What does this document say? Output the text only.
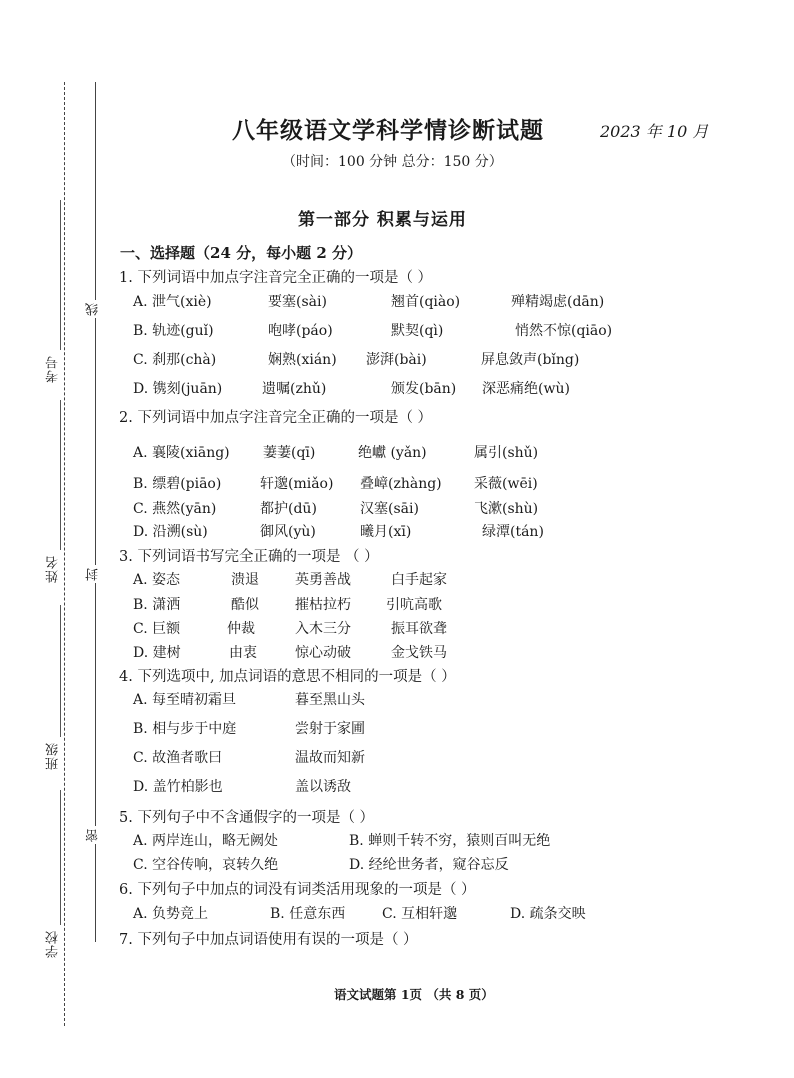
考号
姓名
班级
学校
线
封
密
八年级语文学科学情诊断试题	2023 年 10 月
（时间：100 分钟 总分：150 分）
第一部分 积累与运用
一、选择题（24 分，每小题 2 分）
1. 下列词语中加点字注音完全正确的一项是（ ）
A. 泄气(xiè)	要塞(sài)	翘首(qiào)	殚精竭虑(dān)
B. 轨迹(guǐ)	咆哮(páo)	默契(qì)	悄然不惊(qiāo)
C. 刹那(chà)	娴熟(xián) 澎湃(bài)	屏息敛声(bǐng)
D. 镌刻(juān)	遗嘱(zhǔ)	颁发(bān) 深恶痛绝(wù)
2. 下列词语中加点字注音完全正确的一项是（ ）
A. 襄陵(xiāng) 萋萋(qī)	绝巘 (yǎn)	属引(shǔ)
B. 缥碧(piāo)	轩邈(miǎo) 叠嶂(zhàng) 采薇(wēi)
C. 燕然(yān)	都护(dū)	汉塞(sāi)	飞漱(shù)
D. 沿溯(sù)	御风(yù)	曦月(xī)	绿潭(tán)
3. 下列词语书写完全正确的一项是 （ ）
A. 姿态	溃退	英勇善战	白手起家
B. 潇洒	酷似	摧枯拉朽	引吭高歌
C. 巨额	仲裁	入木三分	振耳欲聋
D. 建树	由衷	惊心动破	金戈铁马
4. 下列选项中, 加点词语的意思不相同的一项是（ ）
A. 每至晴初霜旦	暮至黑山头
B. 相与步于中庭	尝射于家圃
C. 故渔者歌曰	温故而知新
D. 盖竹柏影也	盖以诱敌
5. 下列句子中不含通假字的一项是（ ）
A. 两岸连山，略无阙处	B. 蝉则千转不穷，猿则百叫无绝
C. 空谷传响，哀转久绝	D. 经纶世务者，窥谷忘反
6. 下列句子中加点的词没有词类活用现象的一项是（ ）
A. 负势竞上	B. 任意东西	C. 互相轩邈	D. 疏条交映
7. 下列句子中加点词语使用有误的一项是（ ）
语文试题第 1页 （共 8 页）
